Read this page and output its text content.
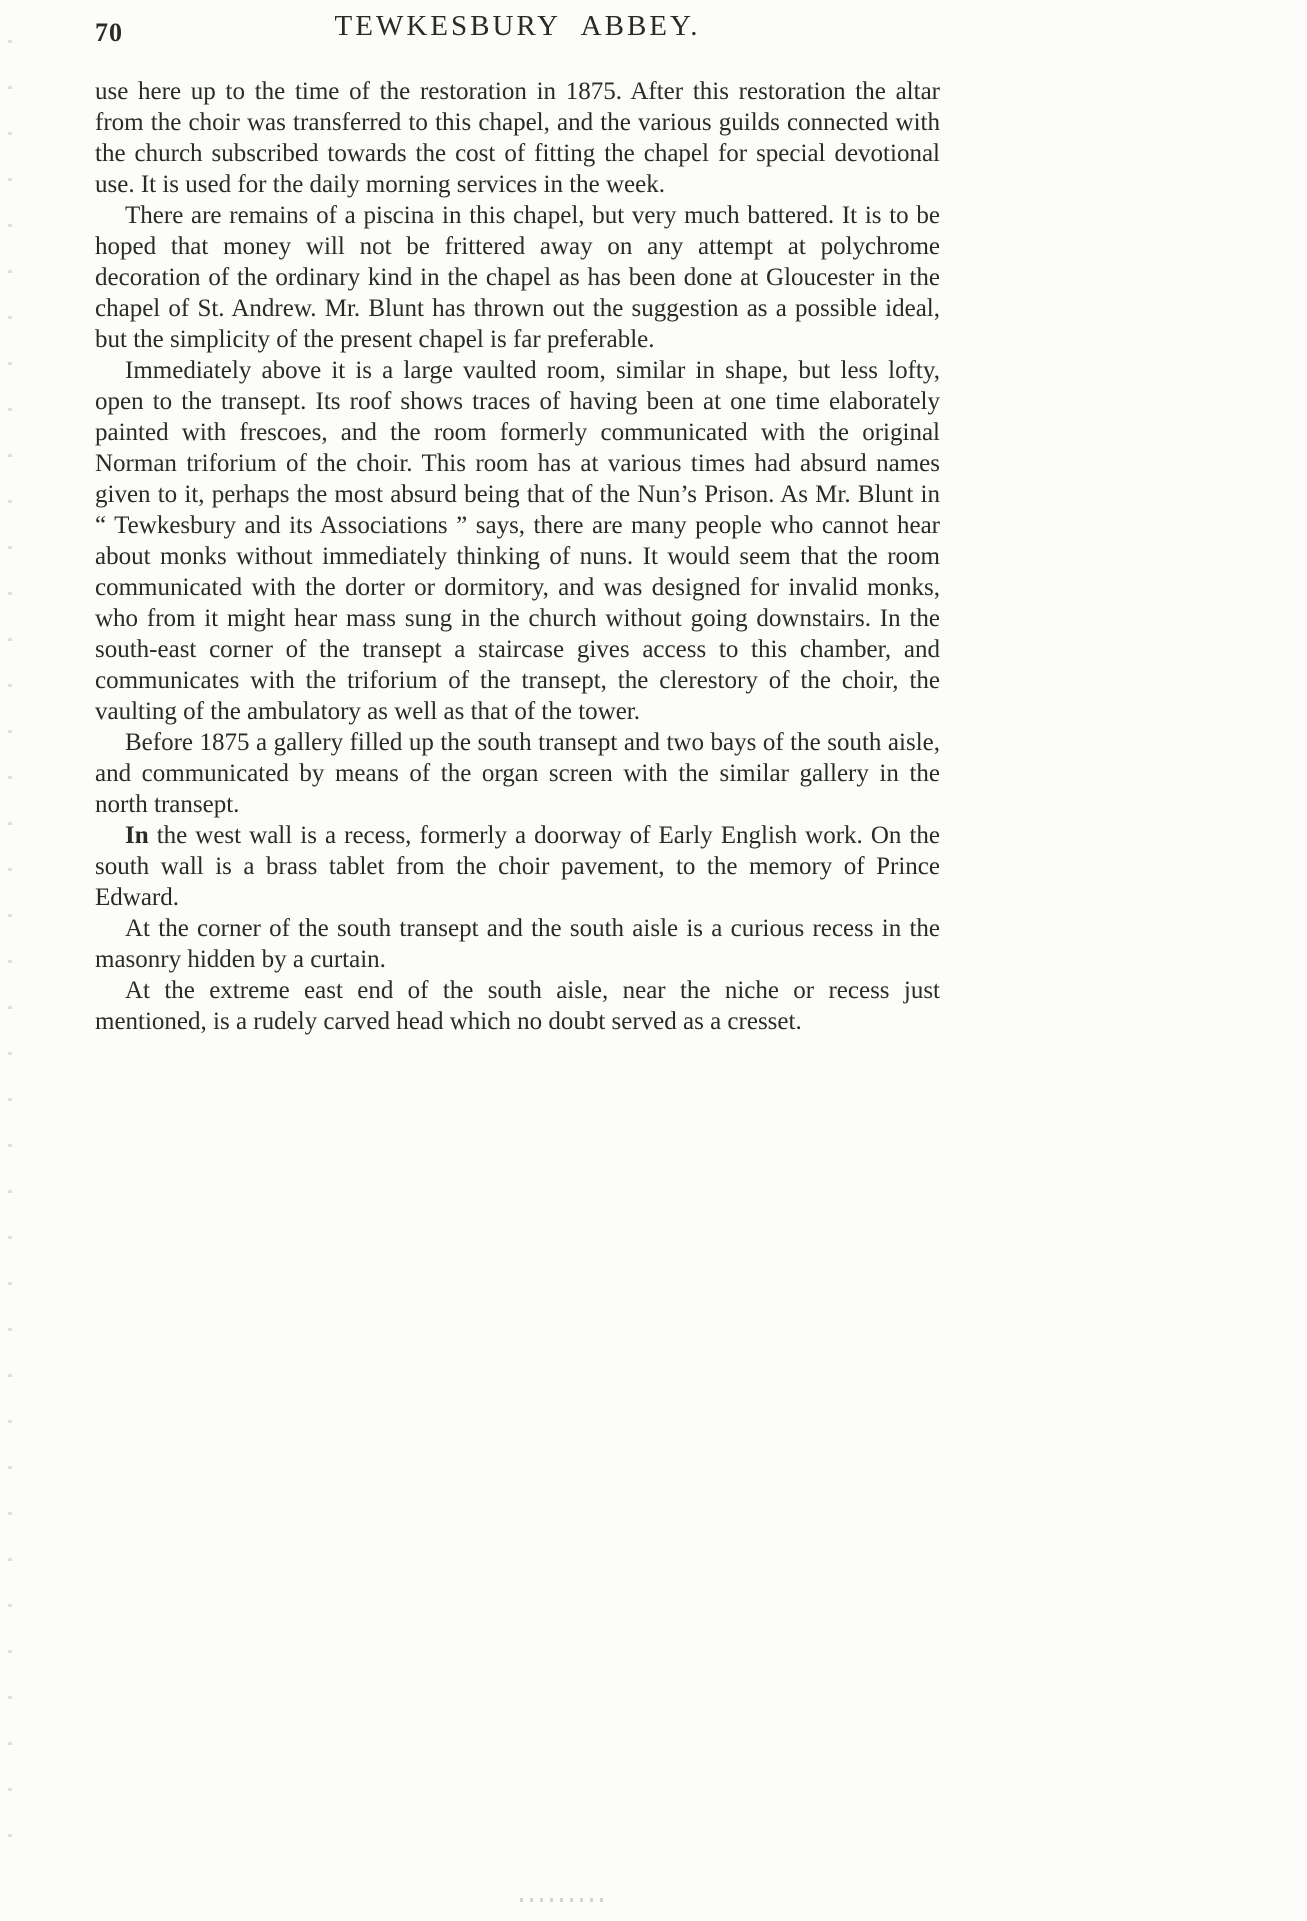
70	TEWKESBURY ABBEY.

use here up to the time of the restoration in 1875. After this restoration the altar from the choir was transferred to this chapel, and the various guilds connected with the church subscribed towards the cost of fitting the chapel for special devotional use. It is used for the daily morning services in the week.

There are remains of a piscina in this chapel, but very much battered. It is to be hoped that money will not be frittered away on any attempt at polychrome decoration of the ordinary kind in the chapel as has been done at Gloucester in the chapel of St. Andrew. Mr. Blunt has thrown out the suggestion as a possible ideal, but the simplicity of the present chapel is far preferable.

Immediately above it is a large vaulted room, similar in shape, but less lofty, open to the transept. Its roof shows traces of having been at one time elaborately painted with frescoes, and the room formerly communicated with the original Norman triforium of the choir. This room has at various times had absurd names given to it, perhaps the most absurd being that of the Nun’s Prison. As Mr. Blunt in “ Tewkesbury and its Associations ” says, there are many people who cannot hear about monks without immediately thinking of nuns. It would seem that the room communicated with the dorter or dormitory, and was designed for invalid monks, who from it might hear mass sung in the church without going downstairs. In the south-east corner of the transept a staircase gives access to this chamber, and communicates with the triforium of the transept, the clerestory of the choir, the vaulting of the ambulatory as well as that of the tower.

Before 1875 a gallery filled up the south transept and two bays of the south aisle, and communicated by means of the organ screen with the similar gallery in the north transept.

In the west wall is a recess, formerly a doorway of Early English work. On the south wall is a brass tablet from the choir pavement, to the memory of Prince Edward.

At the corner of the south transept and the south aisle is a curious recess in the masonry hidden by a curtain.

At the extreme east end of the south aisle, near the niche or recess just mentioned, is a rudely carved head which no doubt served as a cresset.
